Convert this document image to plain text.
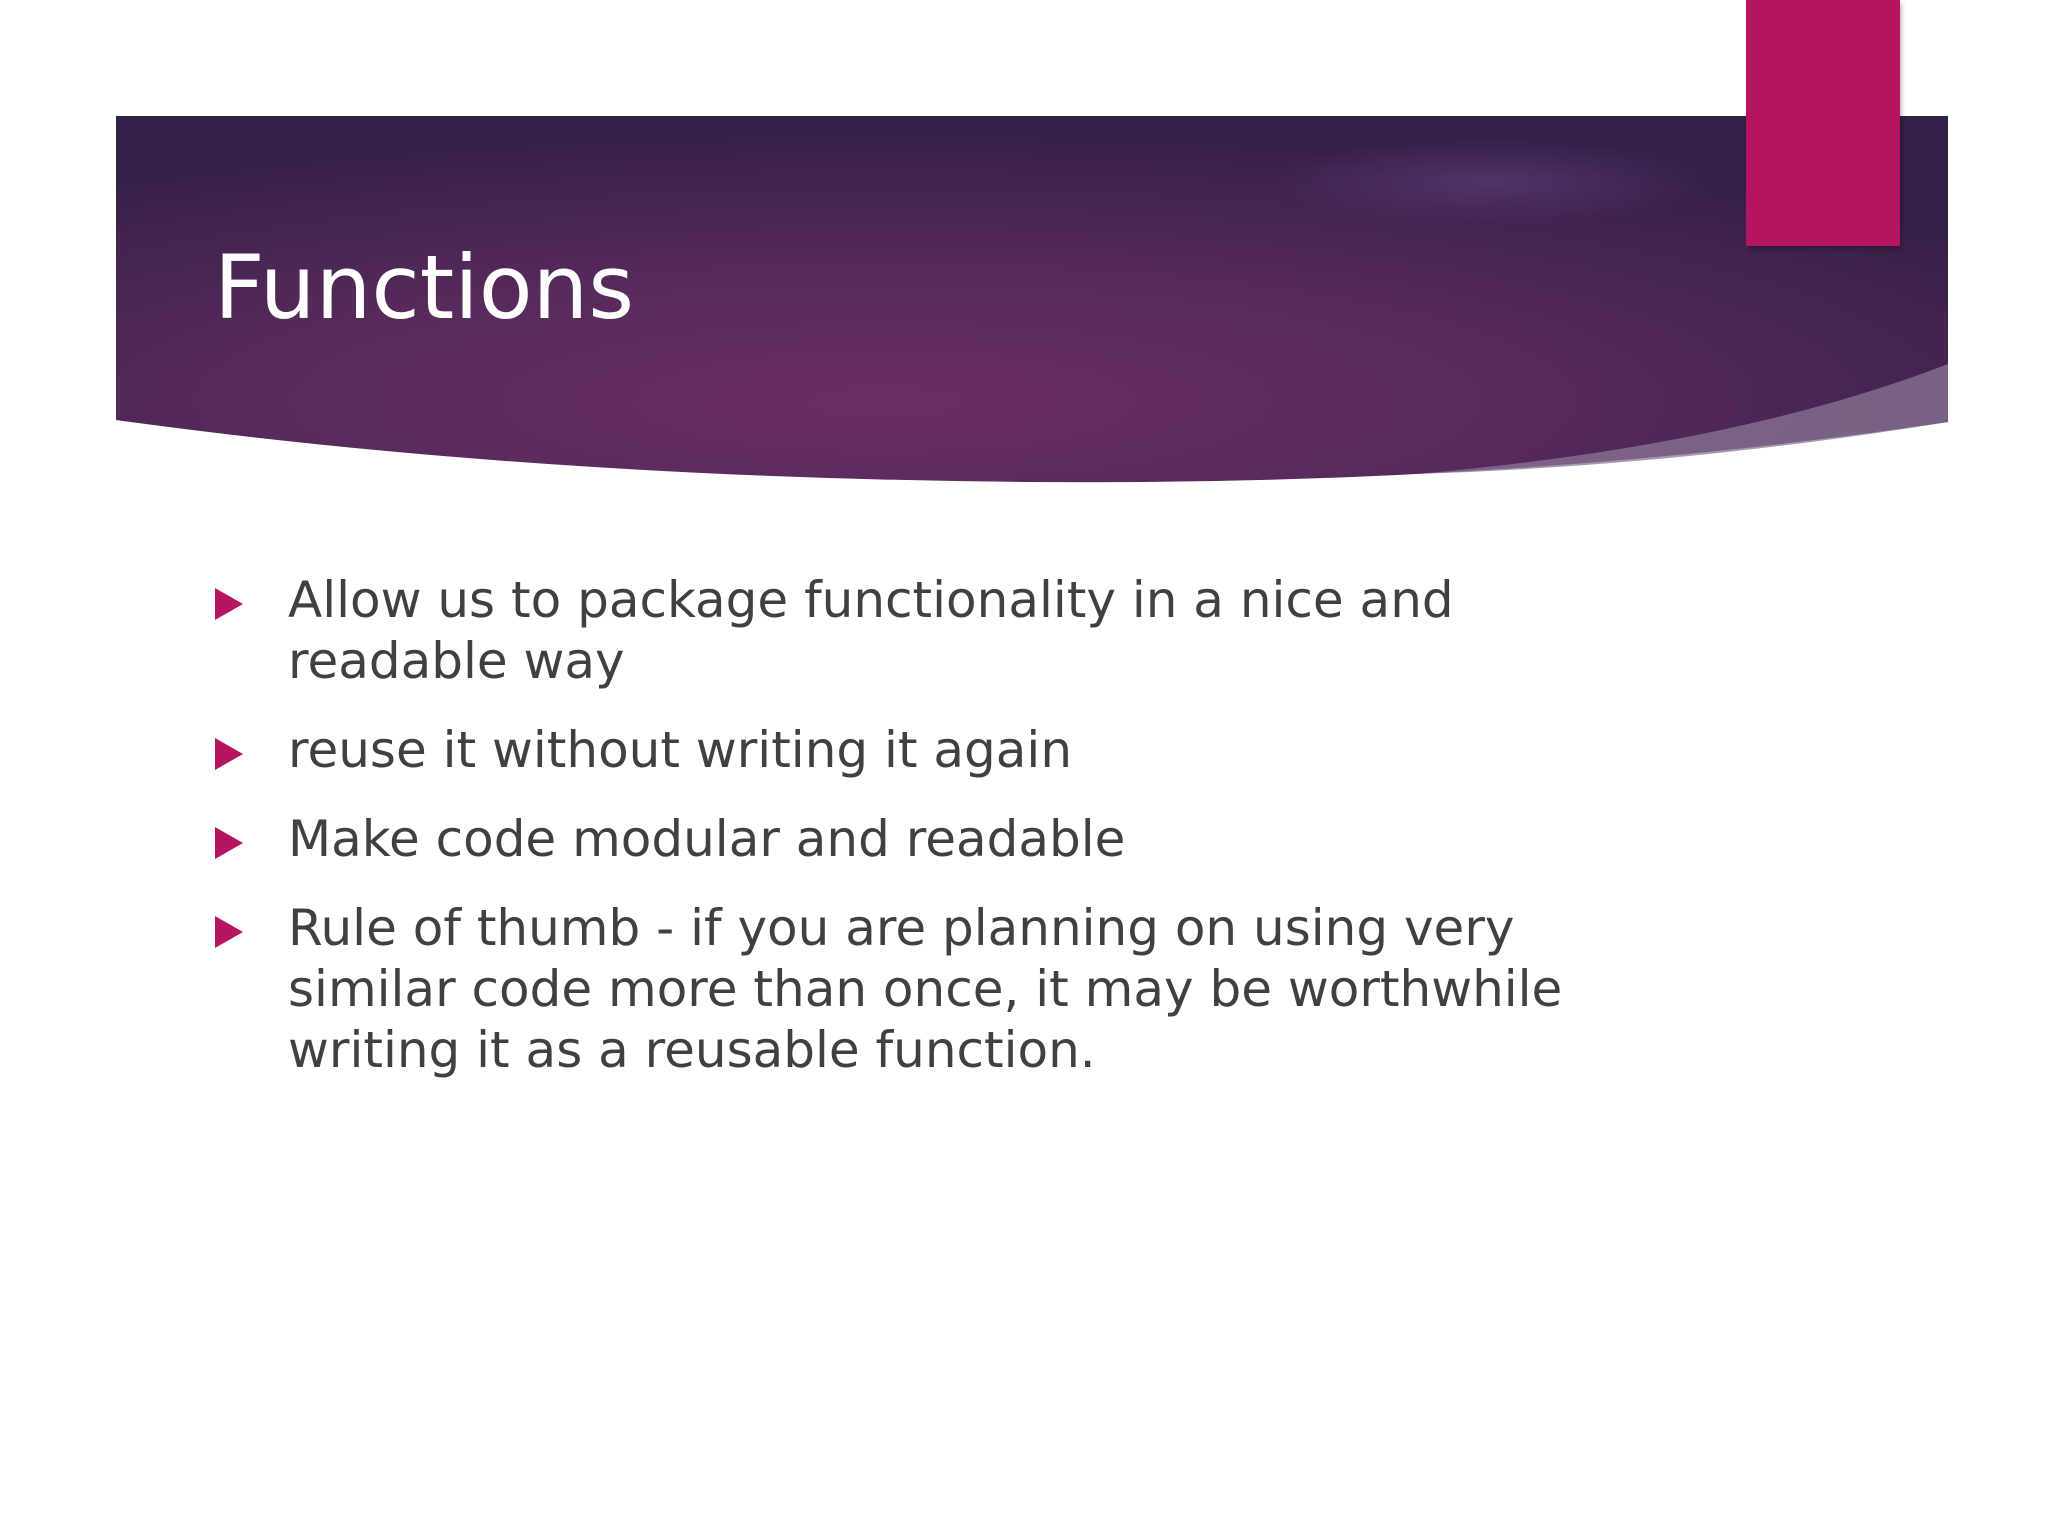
Functions
Allow us to package functionality in a nice and readable way
reuse it without writing it again
Make code modular and readable
Rule of thumb - if you are planning on using very similar code more than once, it may be worthwhile writing it as a reusable function.
